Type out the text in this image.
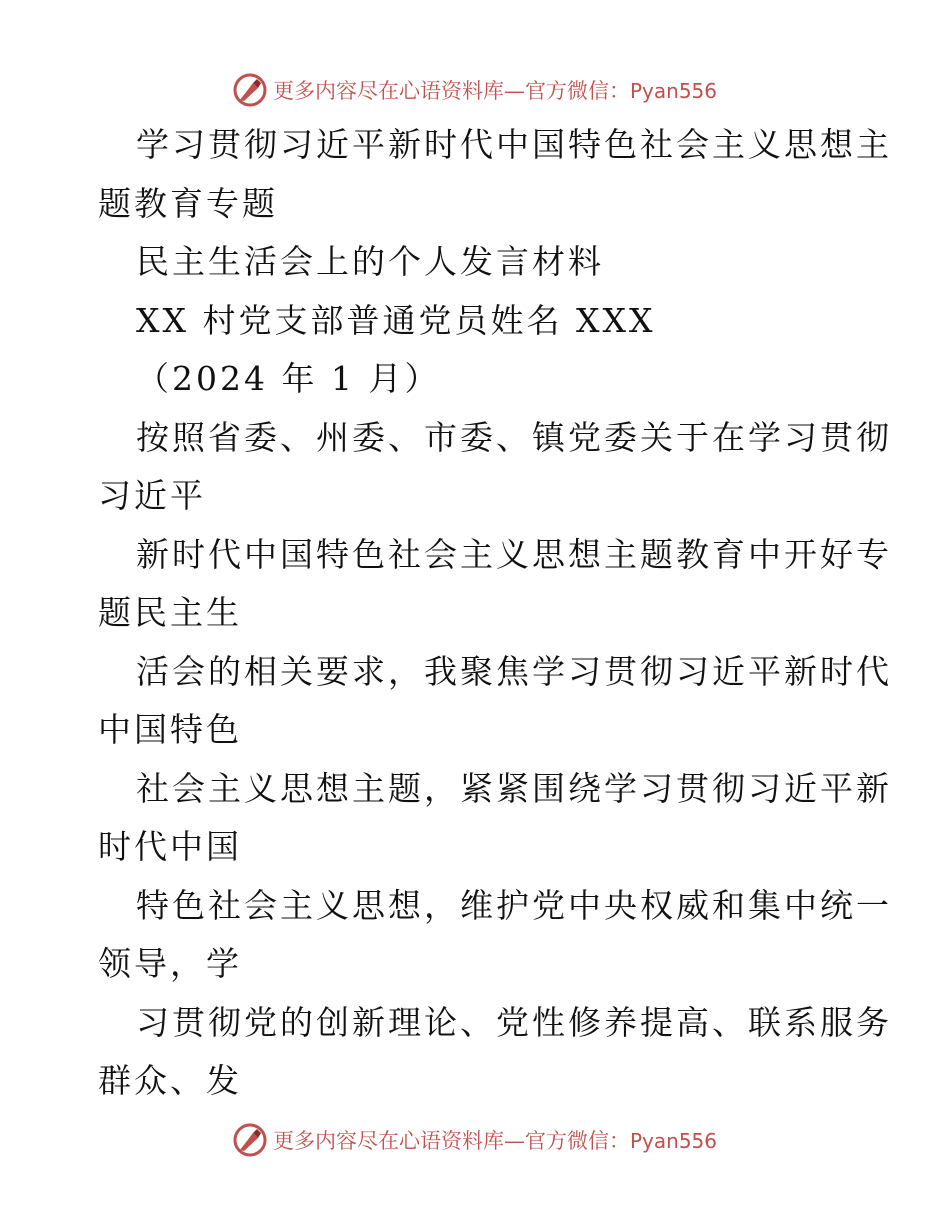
更多内容尽在心语资料库—官方微信：Pyan556
学习贯彻习近平新时代中国特色社会主义思想主
题教育专题
民主生活会上的个人发言材料
XX 村党支部普通党员姓名 XXX
（2024 年 1 月）
按照省委、州委、市委、镇党委关于在学习贯彻
习近平
新时代中国特色社会主义思想主题教育中开好专
题民主生
活会的相关要求，我聚焦学习贯彻习近平新时代
中国特色
社会主义思想主题，紧紧围绕学习贯彻习近平新
时代中国
特色社会主义思想，维护党中央权威和集中统一
领导，学
习贯彻党的创新理论、党性修养提高、联系服务
群众、发
更多内容尽在心语资料库—官方微信：Pyan556
